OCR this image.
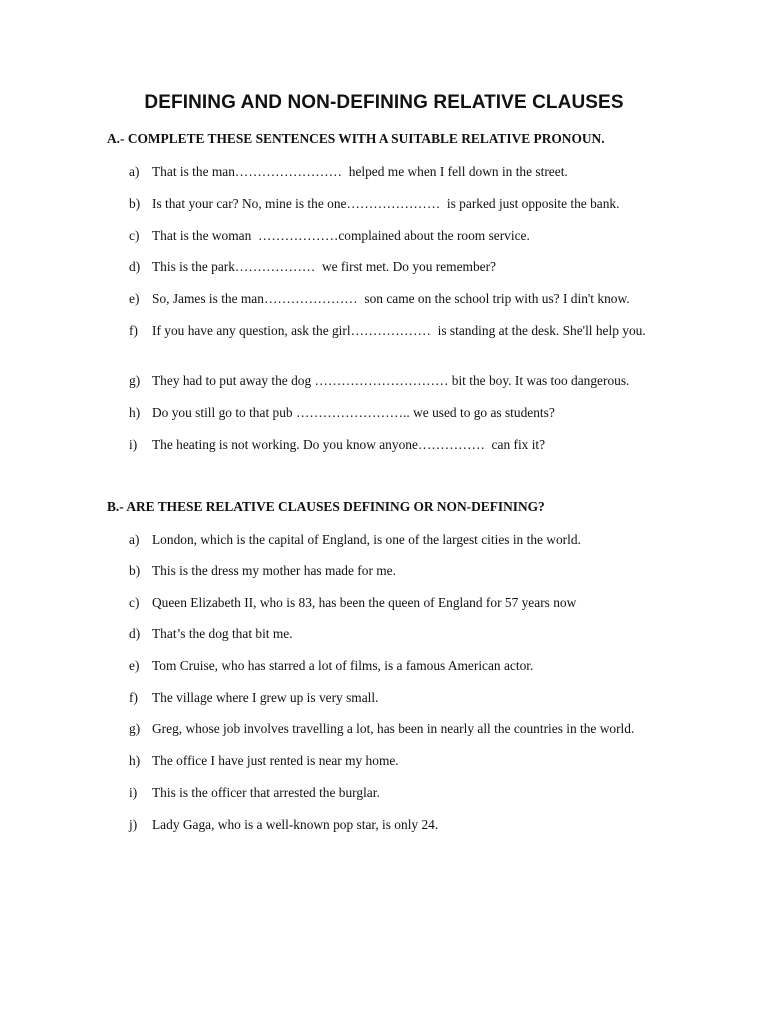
DEFINING AND NON-DEFINING RELATIVE CLAUSES

A.- COMPLETE THESE SENTENCES WITH A SUITABLE RELATIVE PRONOUN.

a) That is the man……………………  helped me when I fell down in the street.
b) Is that your car? No, mine is the one…………………  is parked just opposite the bank.
c) That is the woman  ………………complained about the room service.
d) This is the park………………  we first met. Do you remember?
e) So, James is the man…………………  son came on the school trip with us? I din't know.
f) If you have any question, ask the girl………………  is standing at the desk. She'll help you.
g) They had to put away the dog ………………………… bit the boy. It was too dangerous.
h) Do you still go to that pub …………………….. we used to go as students?
i) The heating is not working. Do you know anyone……………  can fix it?

B.- ARE THESE RELATIVE CLAUSES DEFINING OR NON-DEFINING?

a) London, which is the capital of England, is one of the largest cities in the world.
b) This is the dress my mother has made for me.
c) Queen Elizabeth II, who is 83, has been the queen of England for 57 years now
d) That’s the dog that bit me.
e) Tom Cruise, who has starred a lot of films, is a famous American actor.
f) The village where I grew up is very small.
g) Greg, whose job involves travelling a lot, has been in nearly all the countries in the world.
h) The office I have just rented is near my home.
i) This is the officer that arrested the burglar.
j) Lady Gaga, who is a well-known pop star, is only 24.
